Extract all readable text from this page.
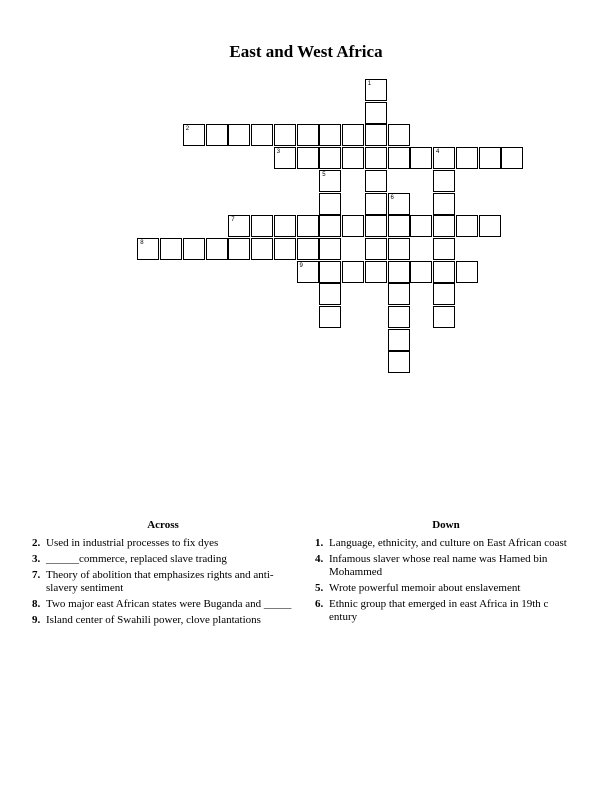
East and West Africa
1
2
3	4
5
6
7
8
9
Across
2. Used in industrial processes to fix dyes
3. ______commerce, replaced slave trading
7. Theory of abolition that emphasizes rights and anti-slavery sentiment
8. Two major east African states were Buganda and _____
9. Island center of Swahili power, clove plantations
Down
1. Language, ethnicity, and culture on East African coast
4. Infamous slaver whose real name was Hamed bin Mohammed
5. Wrote powerful memoir about enslavement
6. Ethnic group that emerged in east Africa in 19th c entury
